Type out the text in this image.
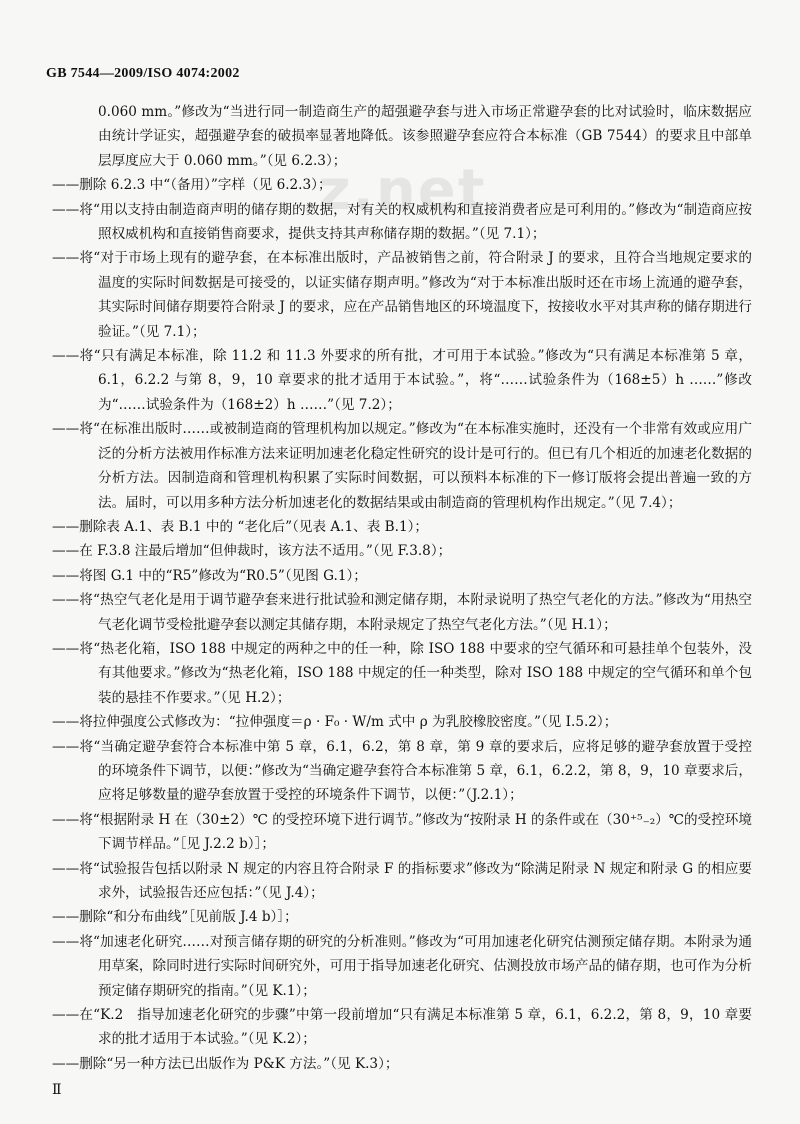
GB 7544—2009/ISO 4074:2002
z.net

0.060 mm。”修改为“当进行同一制造商生产的超强避孕套与进入市场正常避孕套的比对试验时，临床数据应由统计学证实，超强避孕套的破损率显著地降低。该参照避孕套应符合本标准（GB 7544）的要求且中部单层厚度应大于 0.060 mm。”（见 6.2.3）；

——删除 6.2.3 中“（备用）”字样（见 6.2.3）；

——将“用以支持由制造商声明的储存期的数据，对有关的权威机构和直接消费者应是可利用的。”修改为“制造商应按照权威机构和直接销售商要求，提供支持其声称储存期的数据。”（见 7.1）；

——将“对于市场上现有的避孕套，在本标准出版时，产品被销售之前，符合附录 J 的要求，且符合当地规定要求的温度的实际时间数据是可接受的，以证实储存期声明。”修改为“对于本标准出版时还在市场上流通的避孕套，其实际时间储存期要符合附录 J 的要求，应在产品销售地区的环境温度下，按接收水平对其声称的储存期进行验证。”（见 7.1）；

——将“只有满足本标准，除 11.2 和 11.3 外要求的所有批，才可用于本试验。”修改为“只有满足本标准第 5 章，6.1，6.2.2 与第 8，9，10 章要求的批才适用于本试验。”，将“……试验条件为（168±5）h ……”修改为“……试验条件为（168±2）h ……”（见 7.2）；

——将“在标准出版时……或被制造商的管理机构加以规定。”修改为“在本标准实施时，还没有一个非常有效或应用广泛的分析方法被用作标准方法来证明加速老化稳定性研究的设计是可行的。但已有几个相近的加速老化数据的分析方法。因制造商和管理机构积累了实际时间数据，可以预料本标准的下一修订版将会提出普遍一致的方法。届时，可以用多种方法分析加速老化的数据结果或由制造商的管理机构作出规定。”（见 7.4）；

——删除表 A.1、表 B.1 中的 “老化后”（见表 A.1、表 B.1）；

——在 F.3.8 注最后增加“但伸裁时，该方法不适用。”（见 F.3.8）；

——将图 G.1 中的“R5”修改为“R0.5”（见图 G.1）；

——将“热空气老化是用于调节避孕套来进行批试验和测定储存期，本附录说明了热空气老化的方法。”修改为“用热空气老化调节受检批避孕套以测定其储存期，本附录规定了热空气老化方法。”（见 H.1）；

——将“热老化箱，ISO 188 中规定的两种之中的任一种，除 ISO 188 中要求的空气循环和可悬挂单个包装外，没有其他要求。”修改为“热老化箱，ISO 188 中规定的任一种类型，除对 ISO 188 中规定的空气循环和单个包装的悬挂不作要求。”（见 H.2）；

——将拉伸强度公式修改为：“拉伸强度＝ρ · F₀ · W/m 式中 ρ 为乳胶橡胶密度。”（见 I.5.2）；

——将“当确定避孕套符合本标准中第 5 章，6.1，6.2，第 8 章，第 9 章的要求后，应将足够的避孕套放置于受控的环境条件下调节，以便：”修改为“当确定避孕套符合本标准第 5 章，6.1，6.2.2，第 8，9，10 章要求后，应将足够数量的避孕套放置于受控的环境条件下调节，以便：”（J.2.1）；

——将“根据附录 H 在（30±2）℃ 的受控环境下进行调节。”修改为“按附录 H 的条件或在（30⁺⁵₋₂）℃的受控环境下调节样品。”［见 J.2.2 b）］；

——将“试验报告包括以附录 N 规定的内容且符合附录 F 的指标要求”修改为“除满足附录 N 规定和附录 G 的相应要求外，试验报告还应包括：”（见 J.4）；

——删除“和分布曲线”［见前版 J.4 b）］；

——将“加速老化研究……对预言储存期的研究的分析准则。”修改为“可用加速老化研究估测预定储存期。本附录为通用草案，除同时进行实际时间研究外，可用于指导加速老化研究、估测投放市场产品的储存期，也可作为分析预定储存期研究的指南。”（见 K.1）；

——在“K.2　指导加速老化研究的步骤”中第一段前增加“只有满足本标准第 5 章，6.1，6.2.2，第 8，9，10 章要求的批才适用于本试验。”（见 K.2）；

——删除“另一种方法已出版作为 P&K 方法。”（见 K.3）；

Ⅱ
